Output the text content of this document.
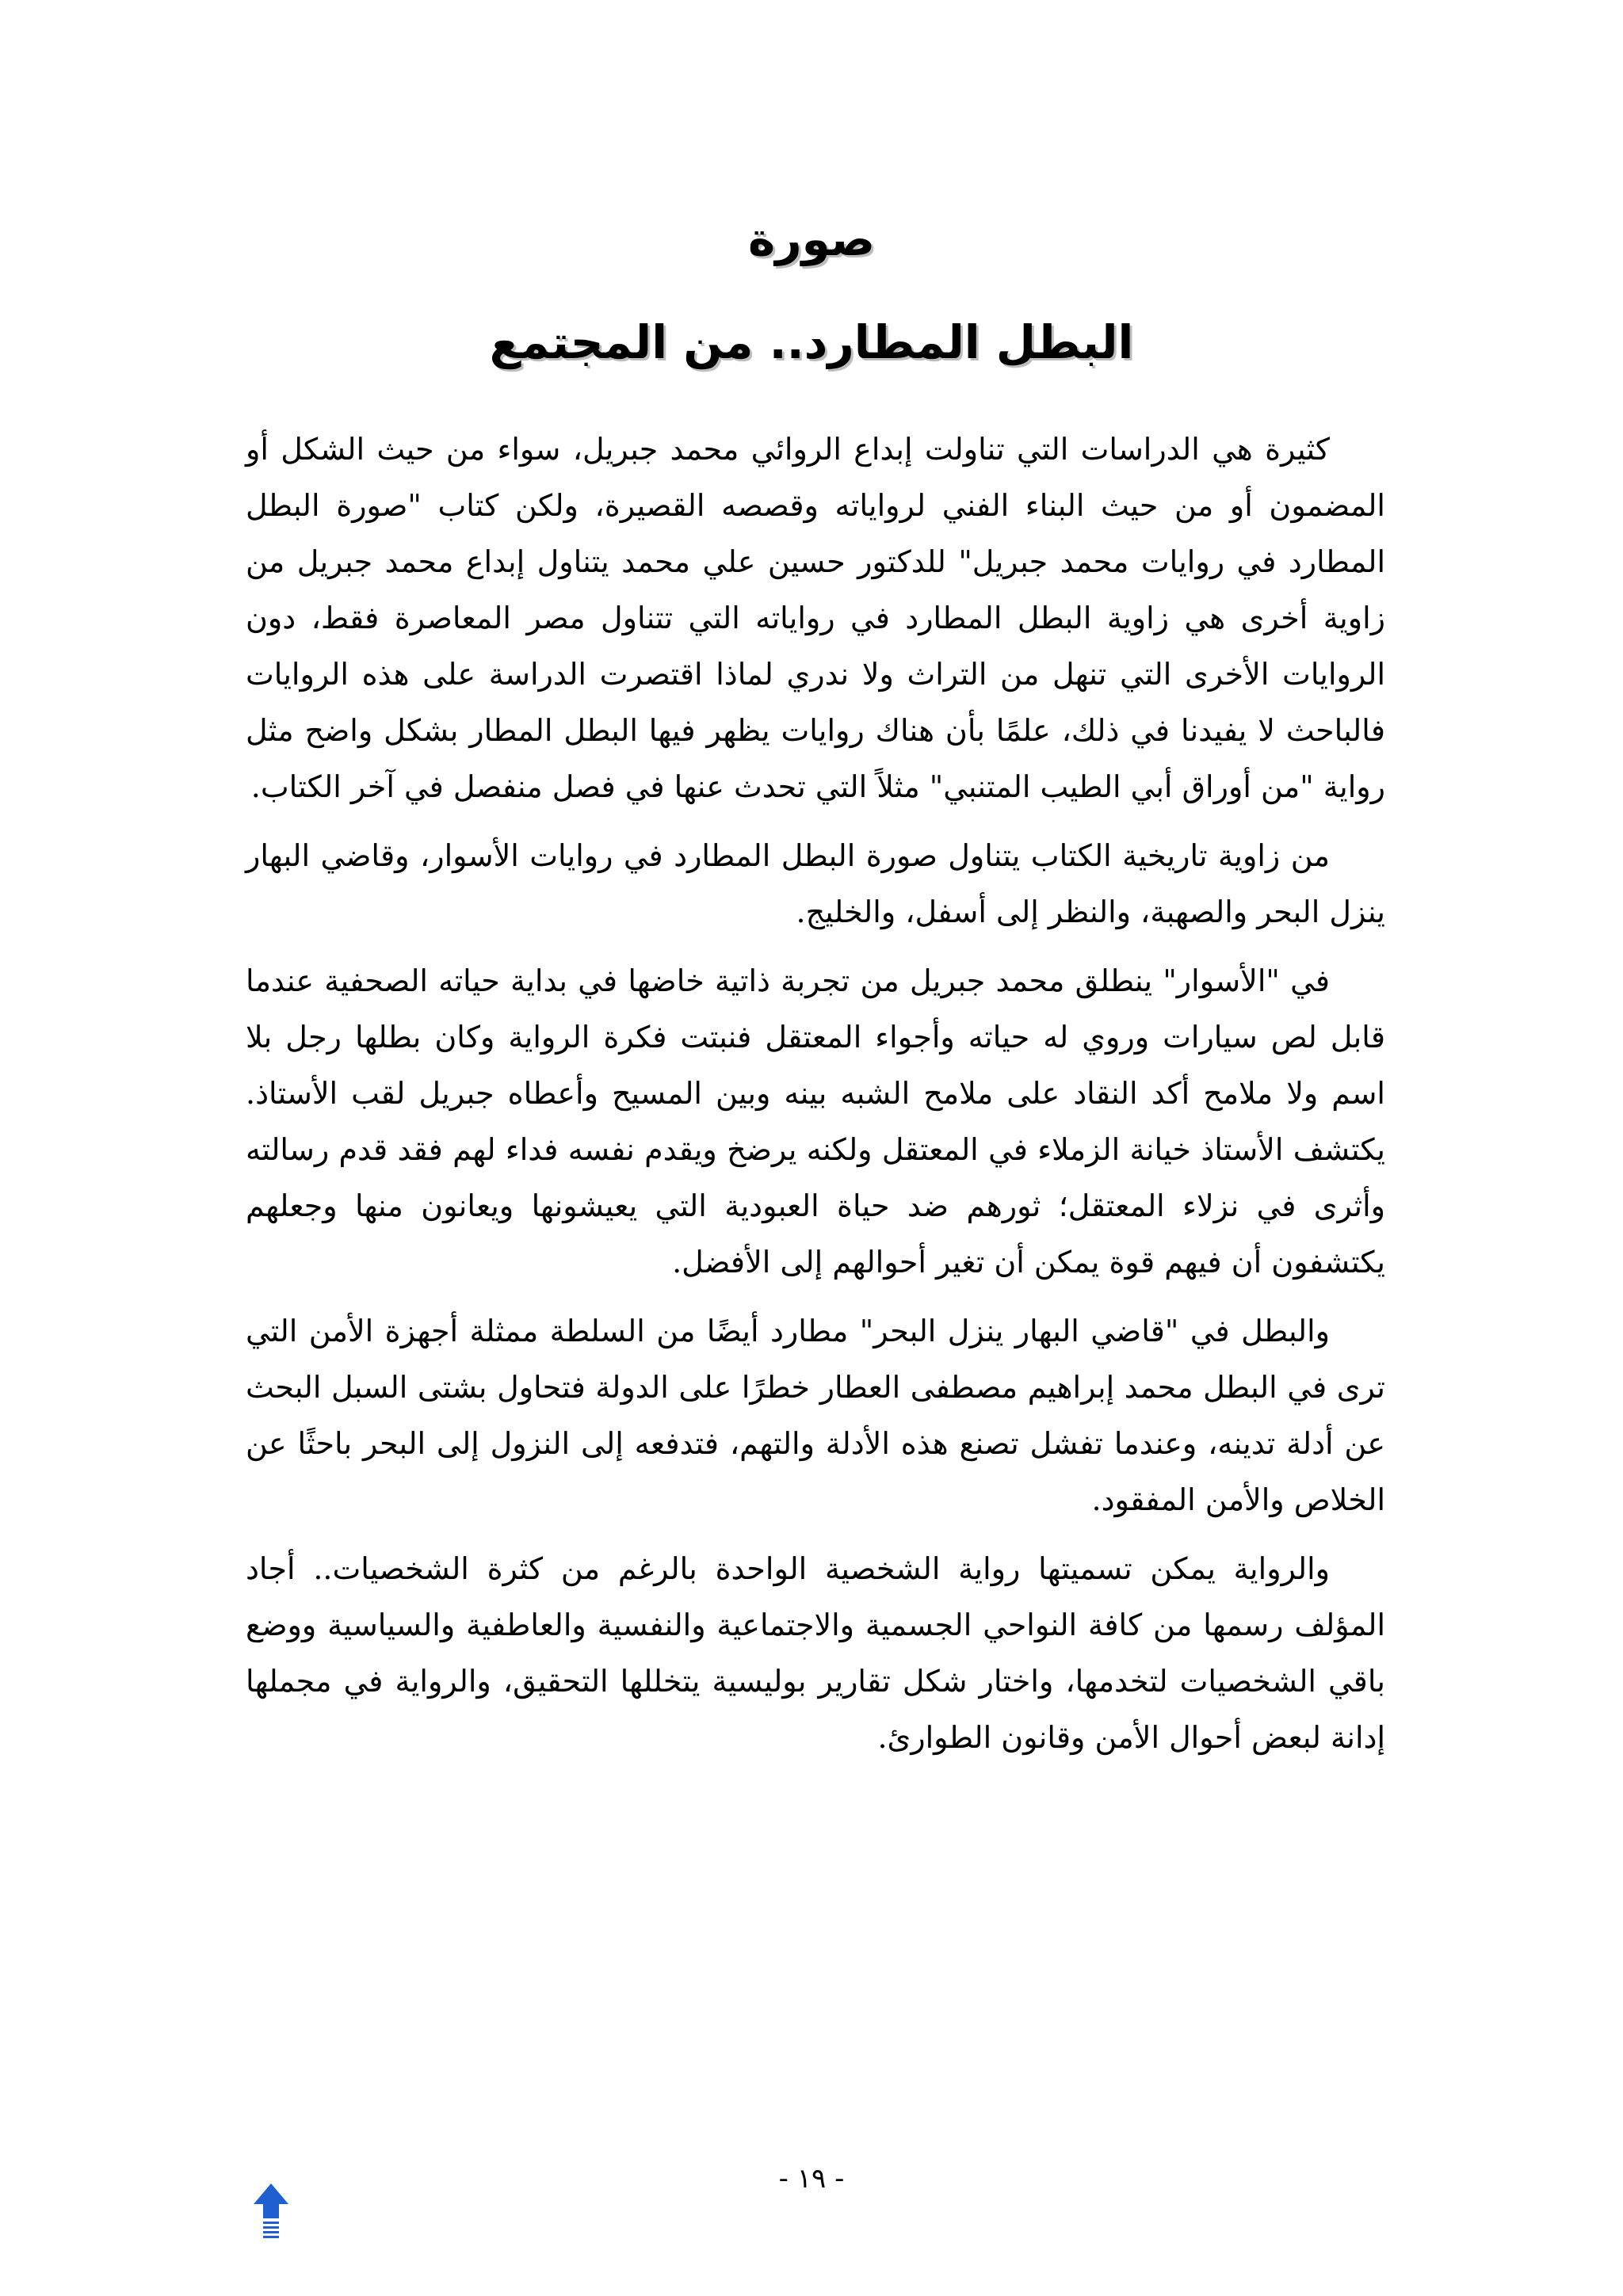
صورة
البطل المطارد.. من المجتمع

كثيرة هي الدراسات التي تناولت إبداع الروائي محمد جبريل، سواء من حيث الشكل أو المضمون أو من حيث البناء الفني لرواياته وقصصه القصيرة، ولكن كتاب "صورة البطل المطارد في روايات محمد جبريل" للدكتور حسين علي محمد يتناول إبداع محمد جبريل من زاوية أخرى هي زاوية البطل المطارد في رواياته التي تتناول مصر المعاصرة فقط، دون الروايات الأخرى التي تنهل من التراث ولا ندري لماذا اقتصرت الدراسة على هذه الروايات فالباحث لا يفيدنا في ذلك، علمًا بأن هناك روايات يظهر فيها البطل المطار بشكل واضح مثل رواية "من أوراق أبي الطيب المتنبي" مثلاً التي تحدث عنها في فصل منفصل في آخر الكتاب.

من زاوية تاريخية الكتاب يتناول صورة البطل المطارد في روايات الأسوار، وقاضي البهار ينزل البحر والصهبة، والنظر إلى أسفل، والخليج.

في "الأسوار" ينطلق محمد جبريل من تجربة ذاتية خاضها في بداية حياته الصحفية عندما قابل لص سيارات وروي له حياته وأجواء المعتقل فنبتت فكرة الرواية وكان بطلها رجل بلا اسم ولا ملامح أكد النقاد على ملامح الشبه بينه وبين المسيح وأعطاه جبريل لقب الأستاذ. يكتشف الأستاذ خيانة الزملاء في المعتقل ولكنه يرضخ ويقدم نفسه فداء لهم فقد قدم رسالته وأثرى في نزلاء المعتقل؛ ثورهم ضد حياة العبودية التي يعيشونها ويعانون منها وجعلهم يكتشفون أن فيهم قوة يمكن أن تغير أحوالهم إلى الأفضل.

والبطل في "قاضي البهار ينزل البحر" مطارد أيضًا من السلطة ممثلة أجهزة الأمن التي ترى في البطل محمد إبراهيم مصطفى العطار خطرًا على الدولة فتحاول بشتى السبل البحث عن أدلة تدينه، وعندما تفشل تصنع هذه الأدلة والتهم، فتدفعه إلى النزول إلى البحر باحثًا عن الخلاص والأمن المفقود.

والرواية يمكن تسميتها رواية الشخصية الواحدة بالرغم من كثرة الشخصيات.. أجاد المؤلف رسمها من كافة النواحي الجسمية والاجتماعية والنفسية والعاطفية والسياسية ووضع باقي الشخصيات لتخدمها، واختار شكل تقارير بوليسية يتخللها التحقيق، والرواية في مجملها إدانة لبعض أحوال الأمن وقانون الطوارئ.

- ١٩ -
